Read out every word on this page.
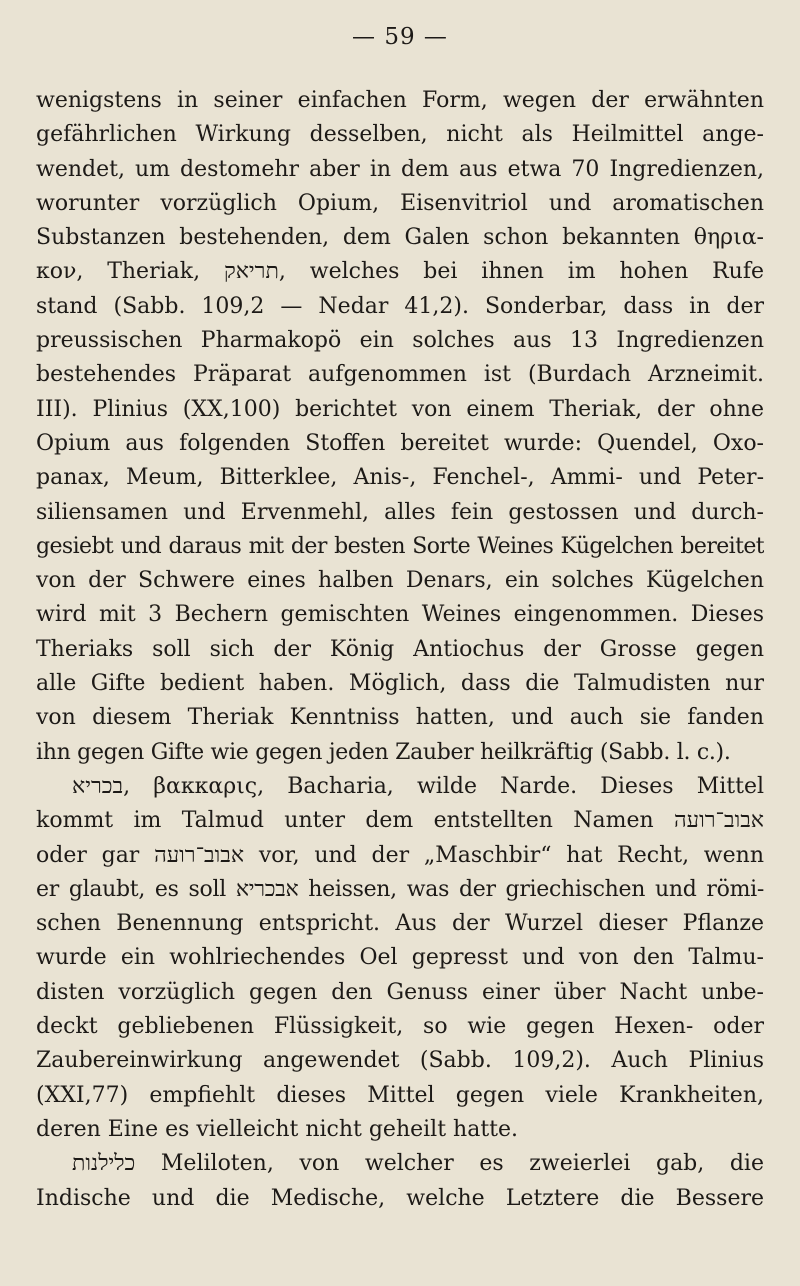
— 59 —
wenigstens in seiner einfachen Form, wegen der erwähnten
gefährlichen Wirkung desselben, nicht als Heilmittel ange-
wendet, um destomehr aber in dem aus etwa 70 Ingredienzen,
worunter vorzüglich Opium, Eisenvitriol und aromatischen
Substanzen bestehenden, dem Galen schon bekannten θηρια-
κον, Theriak, תריאק, welches bei ihnen im hohen Rufe
stand (Sabb. 109,2 — Nedar 41,2). Sonderbar, dass in der
preussischen Pharmakopö ein solches aus 13 Ingredienzen
bestehendes Präparat aufgenommen ist (Burdach Arzneimit.
III). Plinius (XX,100) berichtet von einem Theriak, der ohne
Opium aus folgenden Stoffen bereitet wurde: Quendel, Oxo-
panax, Meum, Bitterklee, Anis-, Fenchel-, Ammi- und Peter-
siliensamen und Ervenmehl, alles fein gestossen und durch-
gesiebt und daraus mit der besten Sorte Weines Kügelchen bereitet
von der Schwere eines halben Denars, ein solches Kügelchen
wird mit 3 Bechern gemischten Weines eingenommen. Dieses
Theriaks soll sich der König Antiochus der Grosse gegen
alle Gifte bedient haben. Möglich, dass die Talmudisten nur
von diesem Theriak Kenntniss hatten, und auch sie fanden
ihn gegen Gifte wie gegen jeden Zauber heilkräftig (Sabb. l. c.).
בכריא, βακκαρις, Bacharia, wilde Narde. Dieses Mittel
kommt im Talmud unter dem entstellten Namen אבוב־רועה
oder gar אבוב־רועה vor, und der „Maschbir“ hat Recht, wenn
er glaubt, es soll אבכריא heissen, was der griechischen und römi-
schen Benennung entspricht. Aus der Wurzel dieser Pflanze
wurde ein wohlriechendes Oel gepresst und von den Talmu-
disten vorzüglich gegen den Genuss einer über Nacht unbe-
deckt gebliebenen Flüssigkeit, so wie gegen Hexen- oder
Zaubereinwirkung angewendet (Sabb. 109,2). Auch Plinius
(XXI,77) empfiehlt dieses Mittel gegen viele Krankheiten,
deren Eine es vielleicht nicht geheilt hatte.
כלילנות Meliloten, von welcher es zweierlei gab, die
Indische und die Medische, welche Letztere die Bessere
